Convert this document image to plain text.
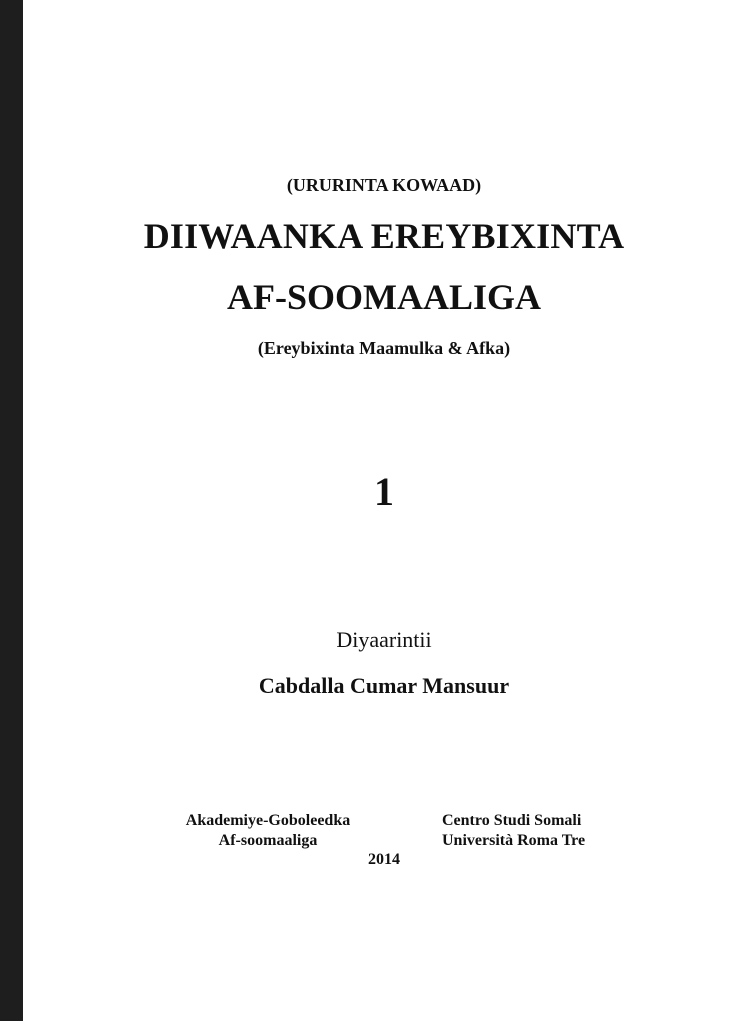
(URURINTA KOWAAD)
DIIWAANKA EREYBIXINTA
AF-SOOMAALIGA
(Ereybixinta Maamulka & Afka)
1
Diyaarintii
Cabdalla Cumar Mansuur
Akademiye-Goboleedka
Af-soomaaliga
Centro Studi Somali
Università Roma Tre
2014
